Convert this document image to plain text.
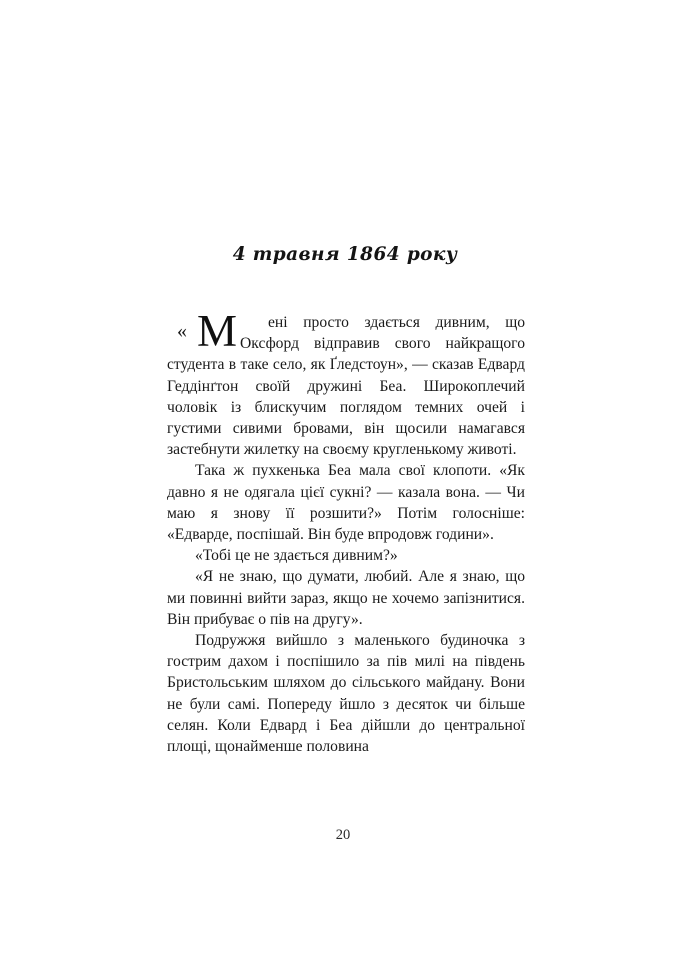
4 травня 1864 року

« М ені просто здається дивним, що Оксфорд відправив свого найкращого студента в таке село, як Ґледстоун», — сказав Едвард Геддінґтон своїй дружині Беа. Широкоплечий чоловік із блискучим поглядом темних очей і густими сивими бровами, він щосили намагався застебнути жилетку на своєму кругленькому животі.

Така ж пухкенька Беа мала свої клопоти. «Як давно я не одягала цієї сукні? — казала вона. — Чи маю я знову її розшити?» Потім голосніше: «Едварде, поспішай. Він буде впродовж години».

«Тобі це не здається дивним?»

«Я не знаю, що думати, любий. Але я знаю, що ми повинні вийти зараз, якщо не хочемо запізнитися. Він прибуває о пів на другу».

Подружжя вийшло з маленького будиночка з гострим дахом і поспішило за пів милі на південь Бристольським шляхом до сільського майдану. Вони не були самі. Попереду йшло з десяток чи більше селян. Коли Едвард і Беа дійшли до центральної площі, щонайменше половина

20
